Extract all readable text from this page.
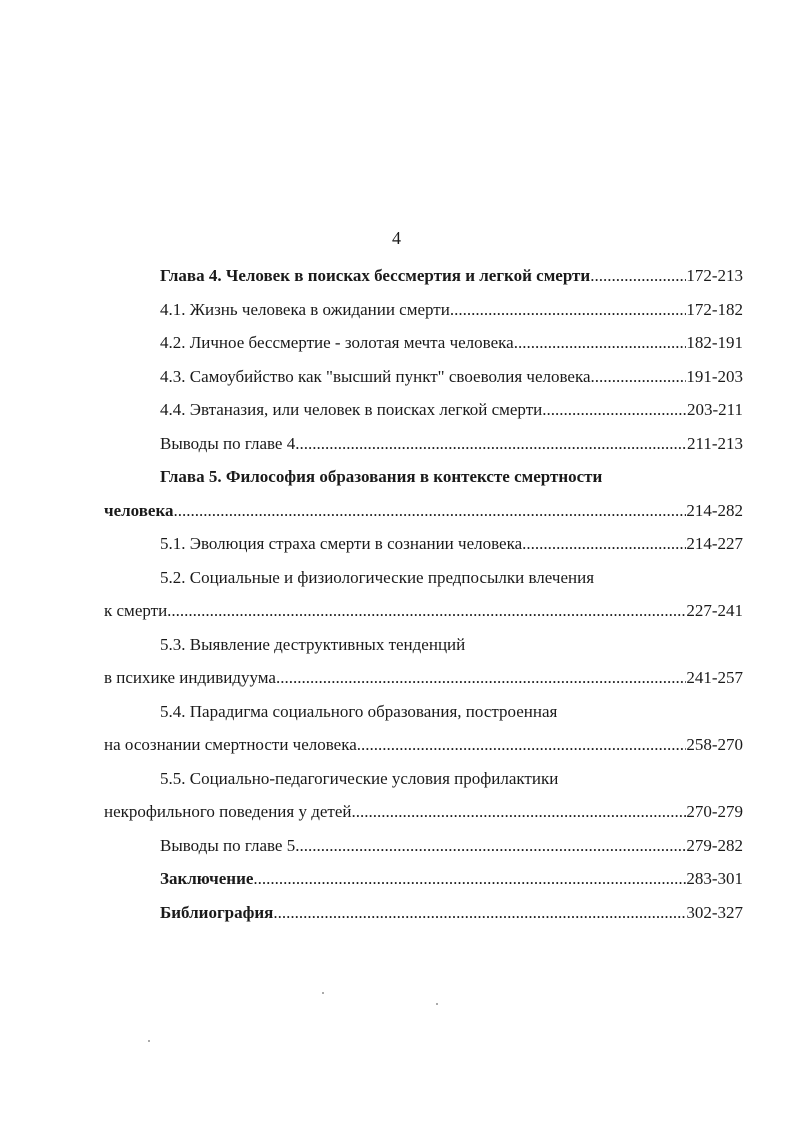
4
Глава 4. Человек в поисках бессмертия и легкой смерти .....	172-213
4.1. Жизнь человека в ожидании смерти .....	172-182
4.2. Личное бессмертие - золотая мечта человека .....	182-191
4.3. Самоубийство как "высший пункт" своеволия человека .....	191-203
4.4. Эвтаназия, или человек в поисках легкой смерти .....	203-211
Выводы по главе 4 .....	211-213
Глава 5. Философия образования в контексте смертности
человека .....	214-282
5.1. Эволюция страха смерти в сознании человека .....	214-227
5.2. Социальные и физиологические предпосылки влечения
к смерти .....	227-241
5.3. Выявление деструктивных тенденций
в психике индивидуума .....	241-257
5.4. Парадигма социального образования, построенная
на осознании смертности человека .....	258-270
5.5. Социально-педагогические условия профилактики
некрофильного поведения у детей .....	270-279
Выводы по главе 5 .....	279-282
Заключение .....	283-301
Библиография .....	302-327
